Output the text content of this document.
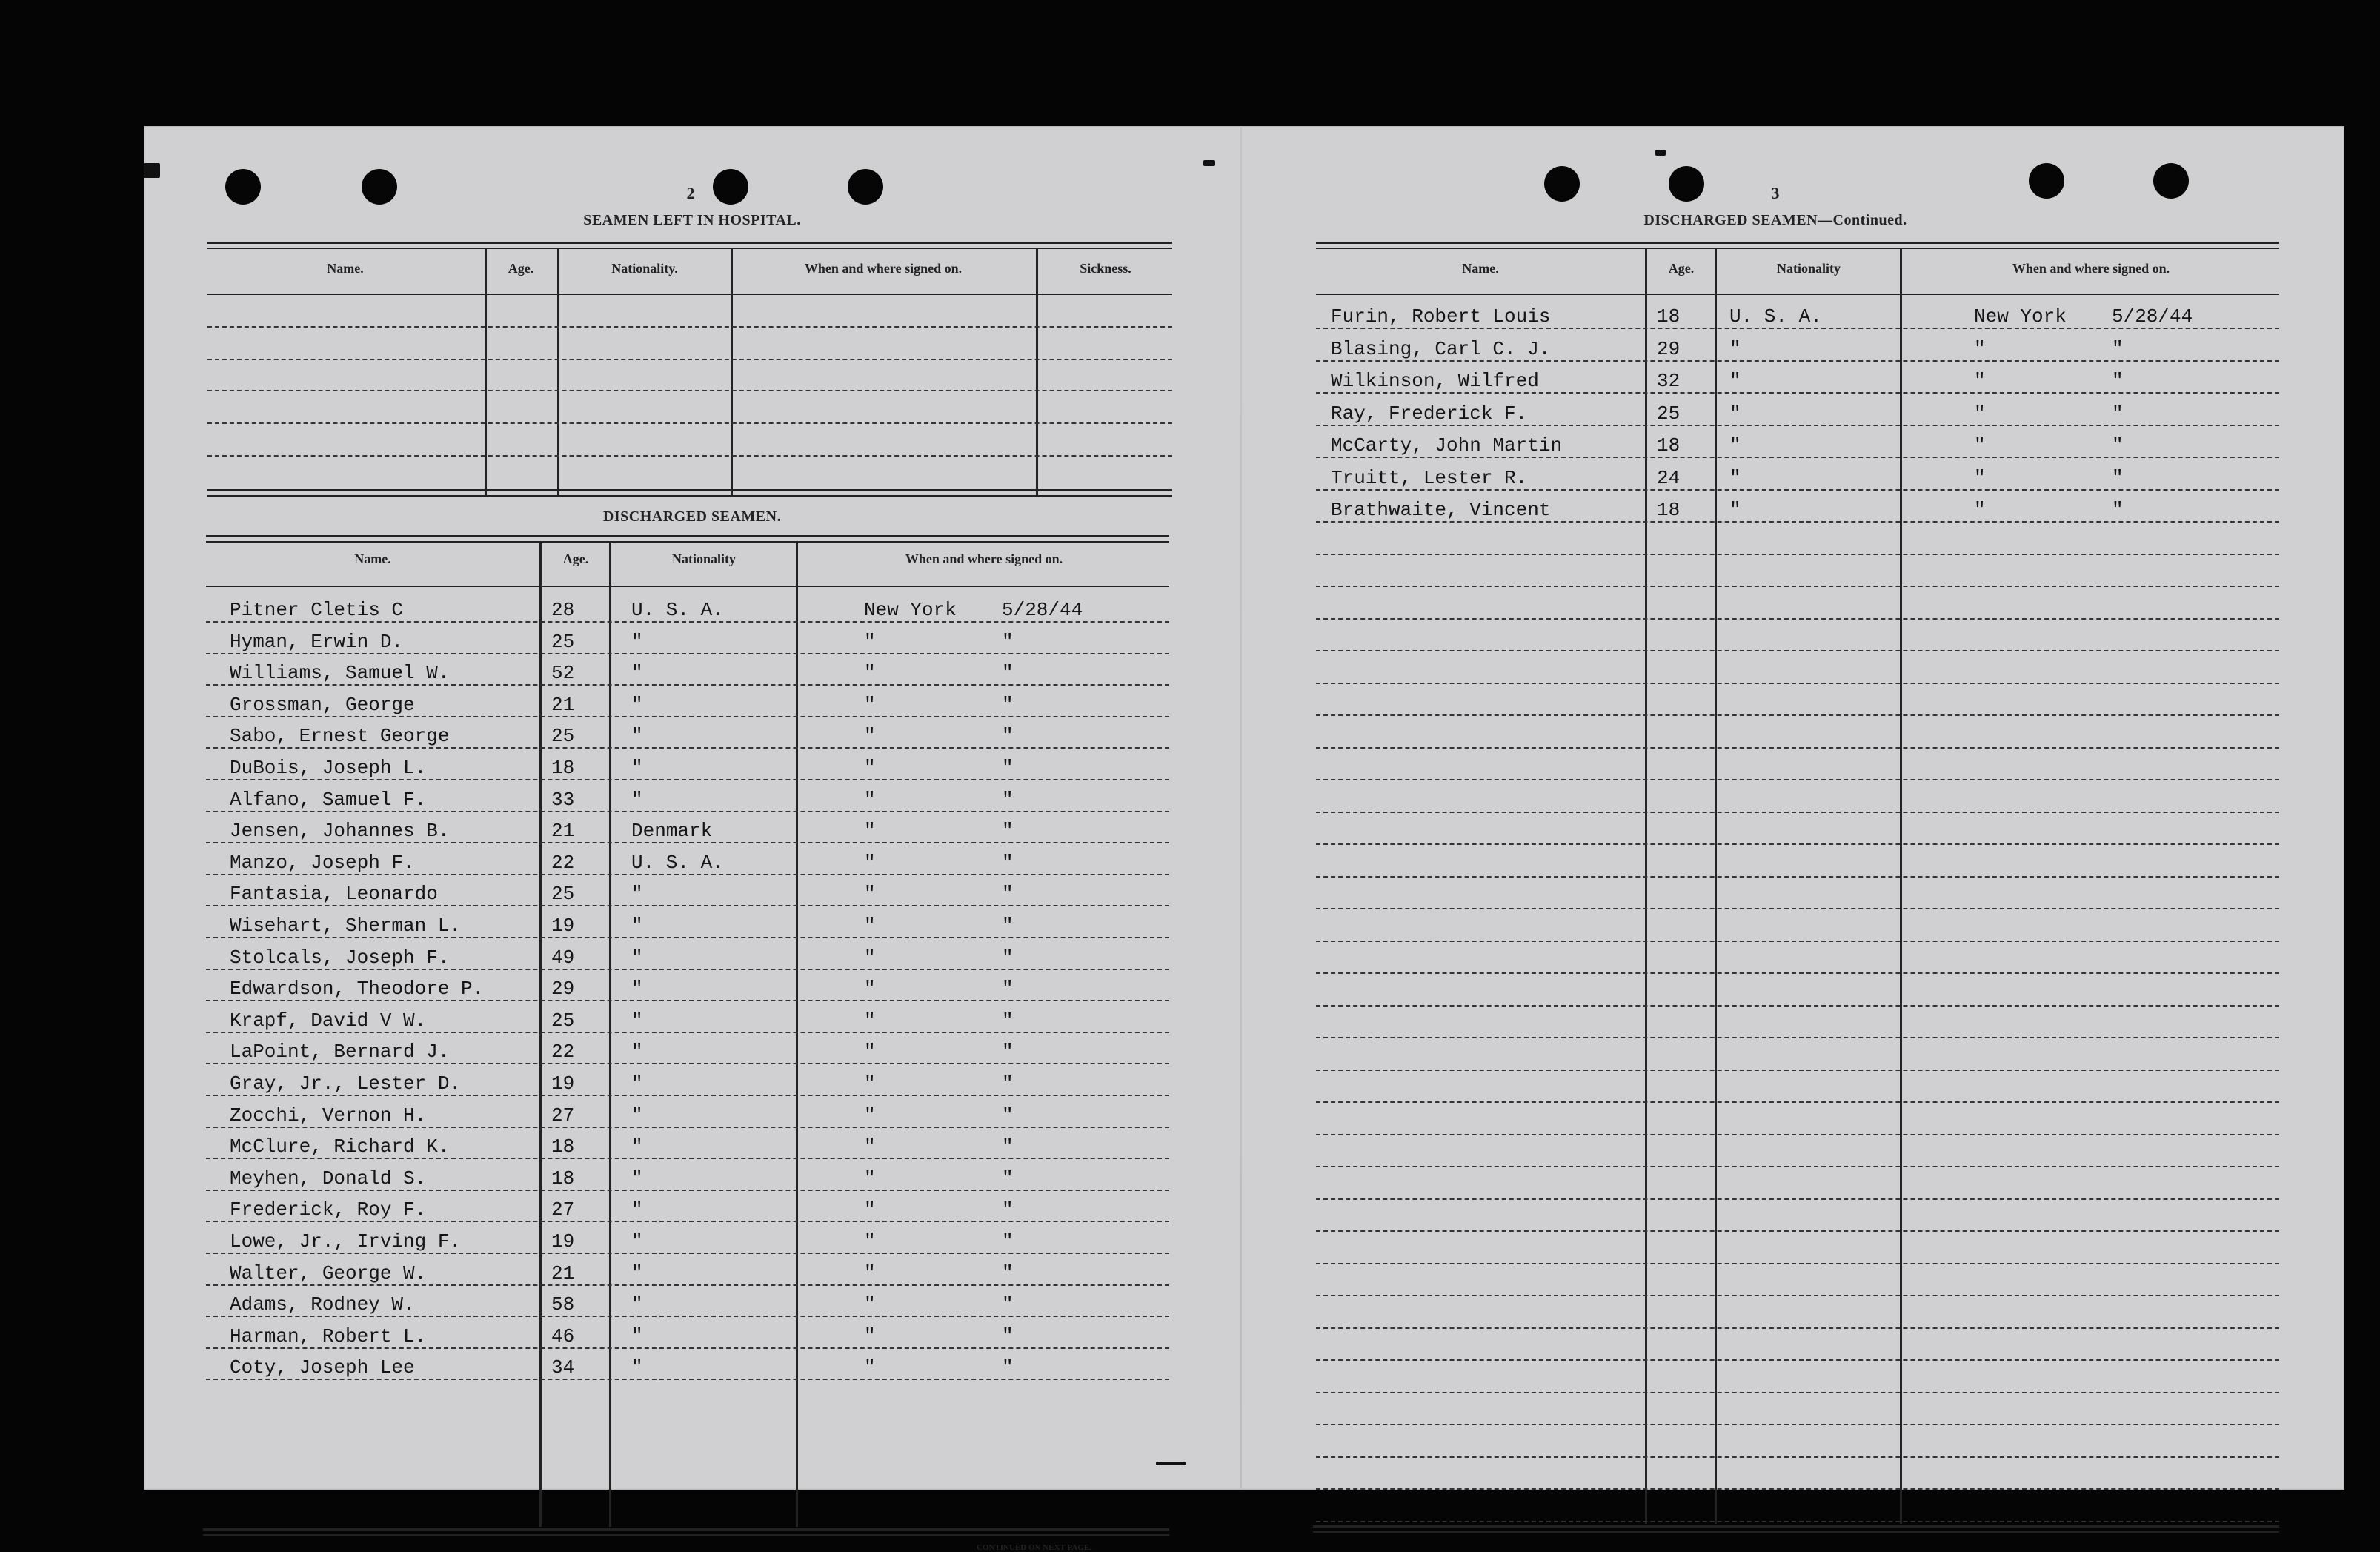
2
SEAMEN LEFT IN HOSPITAL.
Name.	Age.	Nationality.	When and where signed on.	Sickness.
DISCHARGED SEAMEN.
Name.	Age.	Nationality	When and where signed on.
Pitner Cletis C	28	U. S. A.	New York 5/28/44
Hyman, Erwin D.	25	"	"	"
Williams, Samuel W.	52	"	"	"
Grossman, George	21	"	"	"
Sabo, Ernest George	25	"	"	"
DuBois, Joseph L.	18	"	"	"
Alfano, Samuel F.	33	"	"	"
Jensen, Johannes B.	21	Denmark	"	"
Manzo, Joseph F.	22	U. S. A.	"	"
Fantasia, Leonardo	25	"	"	"
Wisehart, Sherman L.	19	"	"	"
Stolcals, Joseph F.	49	"	"	"
Edwardson, Theodore P.	29	"	"	"
Krapf, David V W.	25	"	"	"
LaPoint, Bernard J.	22	"	"	"
Gray, Jr., Lester D.	19	"	"	"
Zocchi, Vernon H.	27	"	"	"
McClure, Richard K.	18	"	"	"
Meyhen, Donald S.	18	"	"	"
Frederick, Roy F.	27	"	"	"
Lowe, Jr., Irving F.	19	"	"	"
Walter, George W.	21	"	"	"
Adams, Rodney W.	58	"	"	"
Harman, Robert L.	46	"	"	"
Coty, Joseph Lee	34	"	"	"
CONTINUED ON NEXT PAGE.
3
DISCHARGED SEAMEN—Continued.
Name.	Age.	Nationality	When and where signed on.
Furin, Robert Louis	18	U. S. A.	New York 5/28/44
Blasing, Carl C. J.	29	"	"	"
Wilkinson, Wilfred	32	"	"	"
Ray, Frederick F.	25	"	"	"
McCarty, John Martin	18	"	"	"
Truitt, Lester R.	24	"	"	"
Brathwaite, Vincent	18	"	"	"
